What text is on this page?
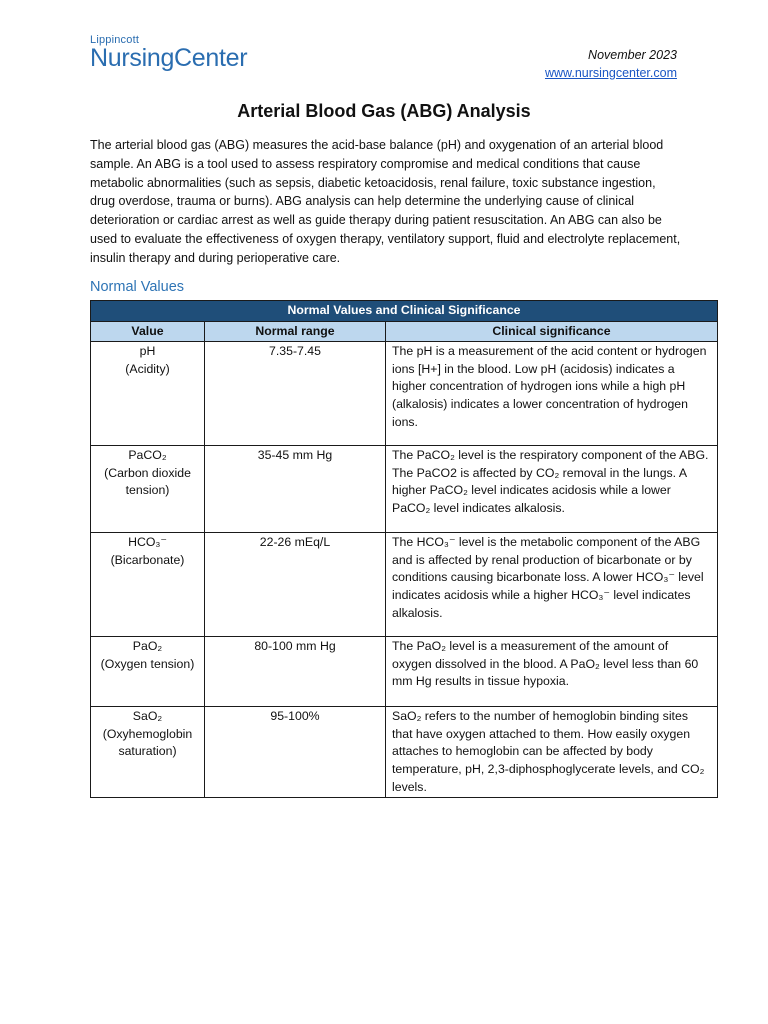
Lippincott
NursingCenter	November 2023
www.nursingcenter.com
Arterial Blood Gas (ABG) Analysis
The arterial blood gas (ABG) measures the acid-base balance (pH) and oxygenation of an arterial blood sample. An ABG is a tool used to assess respiratory compromise and medical conditions that cause metabolic abnormalities (such as sepsis, diabetic ketoacidosis, renal failure, toxic substance ingestion, drug overdose, trauma or burns). ABG analysis can help determine the underlying cause of clinical deterioration or cardiac arrest as well as guide therapy during patient resuscitation. An ABG can also be used to evaluate the effectiveness of oxygen therapy, ventilatory support, fluid and electrolyte replacement, insulin therapy and during perioperative care.
Normal Values
Normal Values and Clinical Significance		
Value	Normal range	Clinical significance

pH
(Acidity)	7.35-7.45	The pH is a measurement of the acid content or hydrogen ions [H+] in the blood. Low pH (acidosis) indicates a higher concentration of hydrogen ions while a high pH (alkalosis) indicates a lower concentration of hydrogen ions.

PaCO₂
(Carbon dioxide tension)	35-45 mm Hg	The PaCO₂ level is the respiratory component of the ABG. The PaCO2 is affected by CO₂ removal in the lungs. A higher PaCO₂ level indicates acidosis while a lower PaCO₂ level indicates alkalosis.

HCO₃⁻
(Bicarbonate)	22-26 mEq/L	The HCO₃⁻ level is the metabolic component of the ABG and is affected by renal production of bicarbonate or by conditions causing bicarbonate loss. A lower HCO₃⁻ level indicates acidosis while a higher HCO₃⁻ level indicates alkalosis.

PaO₂
(Oxygen tension)	80-100 mm Hg	The PaO₂ level is a measurement of the amount of oxygen dissolved in the blood. A PaO₂ level less than 60 mm Hg results in tissue hypoxia.

SaO₂
(Oxyhemoglobin saturation)	95-100%	SaO₂ refers to the number of hemoglobin binding sites that have oxygen attached to them. How easily oxygen attaches to hemoglobin can be affected by body temperature, pH, 2,3-diphosphoglycerate levels, and CO₂ levels.
